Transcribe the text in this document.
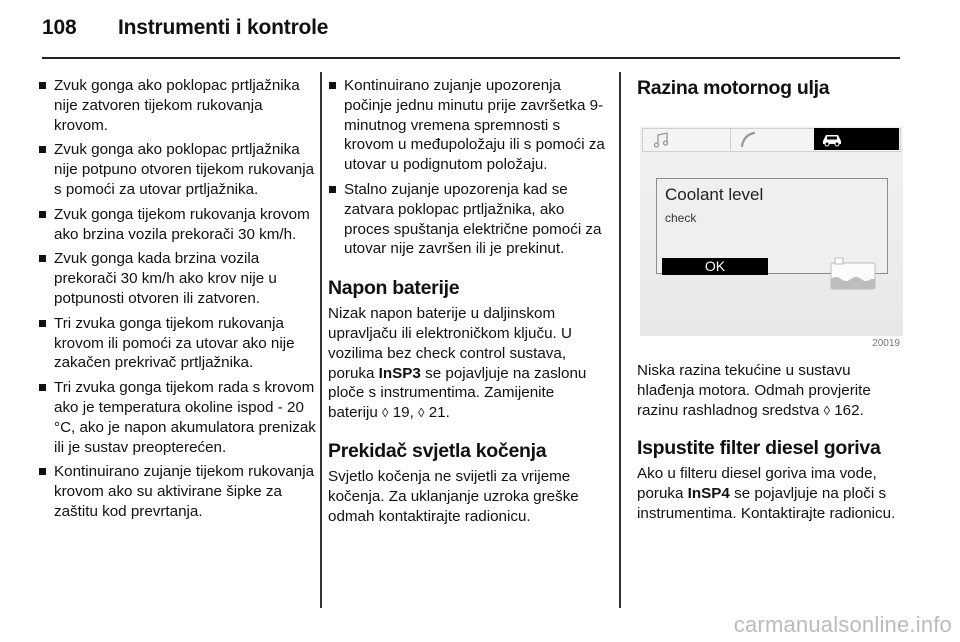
108 Instrumenti i kontrole
Zvuk gonga ako poklopac prtljažnika nije zatvoren tijekom rukovanja krovom.
Zvuk gonga ako poklopac prtljažnika nije potpuno otvoren tijekom rukovanja s pomoći za utovar prtljažnika.
Zvuk gonga tijekom rukovanja krovom ako brzina vozila prekorači 30 km/h.
Zvuk gonga kada brzina vozila prekorači 30 km/h ako krov nije u potpunosti otvoren ili zatvoren.
Tri zvuka gonga tijekom rukovanja krovom ili pomoći za utovar ako nije zakačen prekrivač prtljažnika.
Tri zvuka gonga tijekom rada s krovom ako je temperatura okoline ispod - 20 °C, ako je napon akumulatora prenizak ili je sustav preopterećen.
Kontinuirano zujanje tijekom rukovanja krovom ako su aktivirane šipke za zaštitu kod prevrtanja.
Kontinuirano zujanje upozorenja počinje jednu minutu prije završetka 9-minutnog vremena spremnosti s krovom u međupoložaju ili s pomoći za utovar u podignutom položaju.
Stalno zujanje upozorenja kad se zatvara poklopac prtljažnika, ako proces spuštanja električne pomoći za utovar nije završen ili je prekinut.
Napon baterije

Nizak napon baterije u daljinskom upravljaču ili elektroničkom ključu. U vozilima bez check control sustava, poruka InSP3 se pojavljuje na zaslonu ploče s instrumentima. Zamijenite bateriju ◊ 19, ◊ 21.

Prekidač svjetla kočenja

Svjetlo kočenja ne svijetli za vrijeme kočenja. Za uklanjanje uzroka greške odmah kontaktirajte radionicu.

Razina motornog ulja
Coolant level
check
OK
20019

Niska razina tekućine u sustavu hlađenja motora. Odmah provjerite razinu rashladnog sredstva ◊ 162.

Ispustite filter diesel goriva

Ako u filteru diesel goriva ima vode, poruka InSP4 se pojavljuje na ploči s instrumentima. Kontaktirajte radionicu.

carmanualsonline.info
